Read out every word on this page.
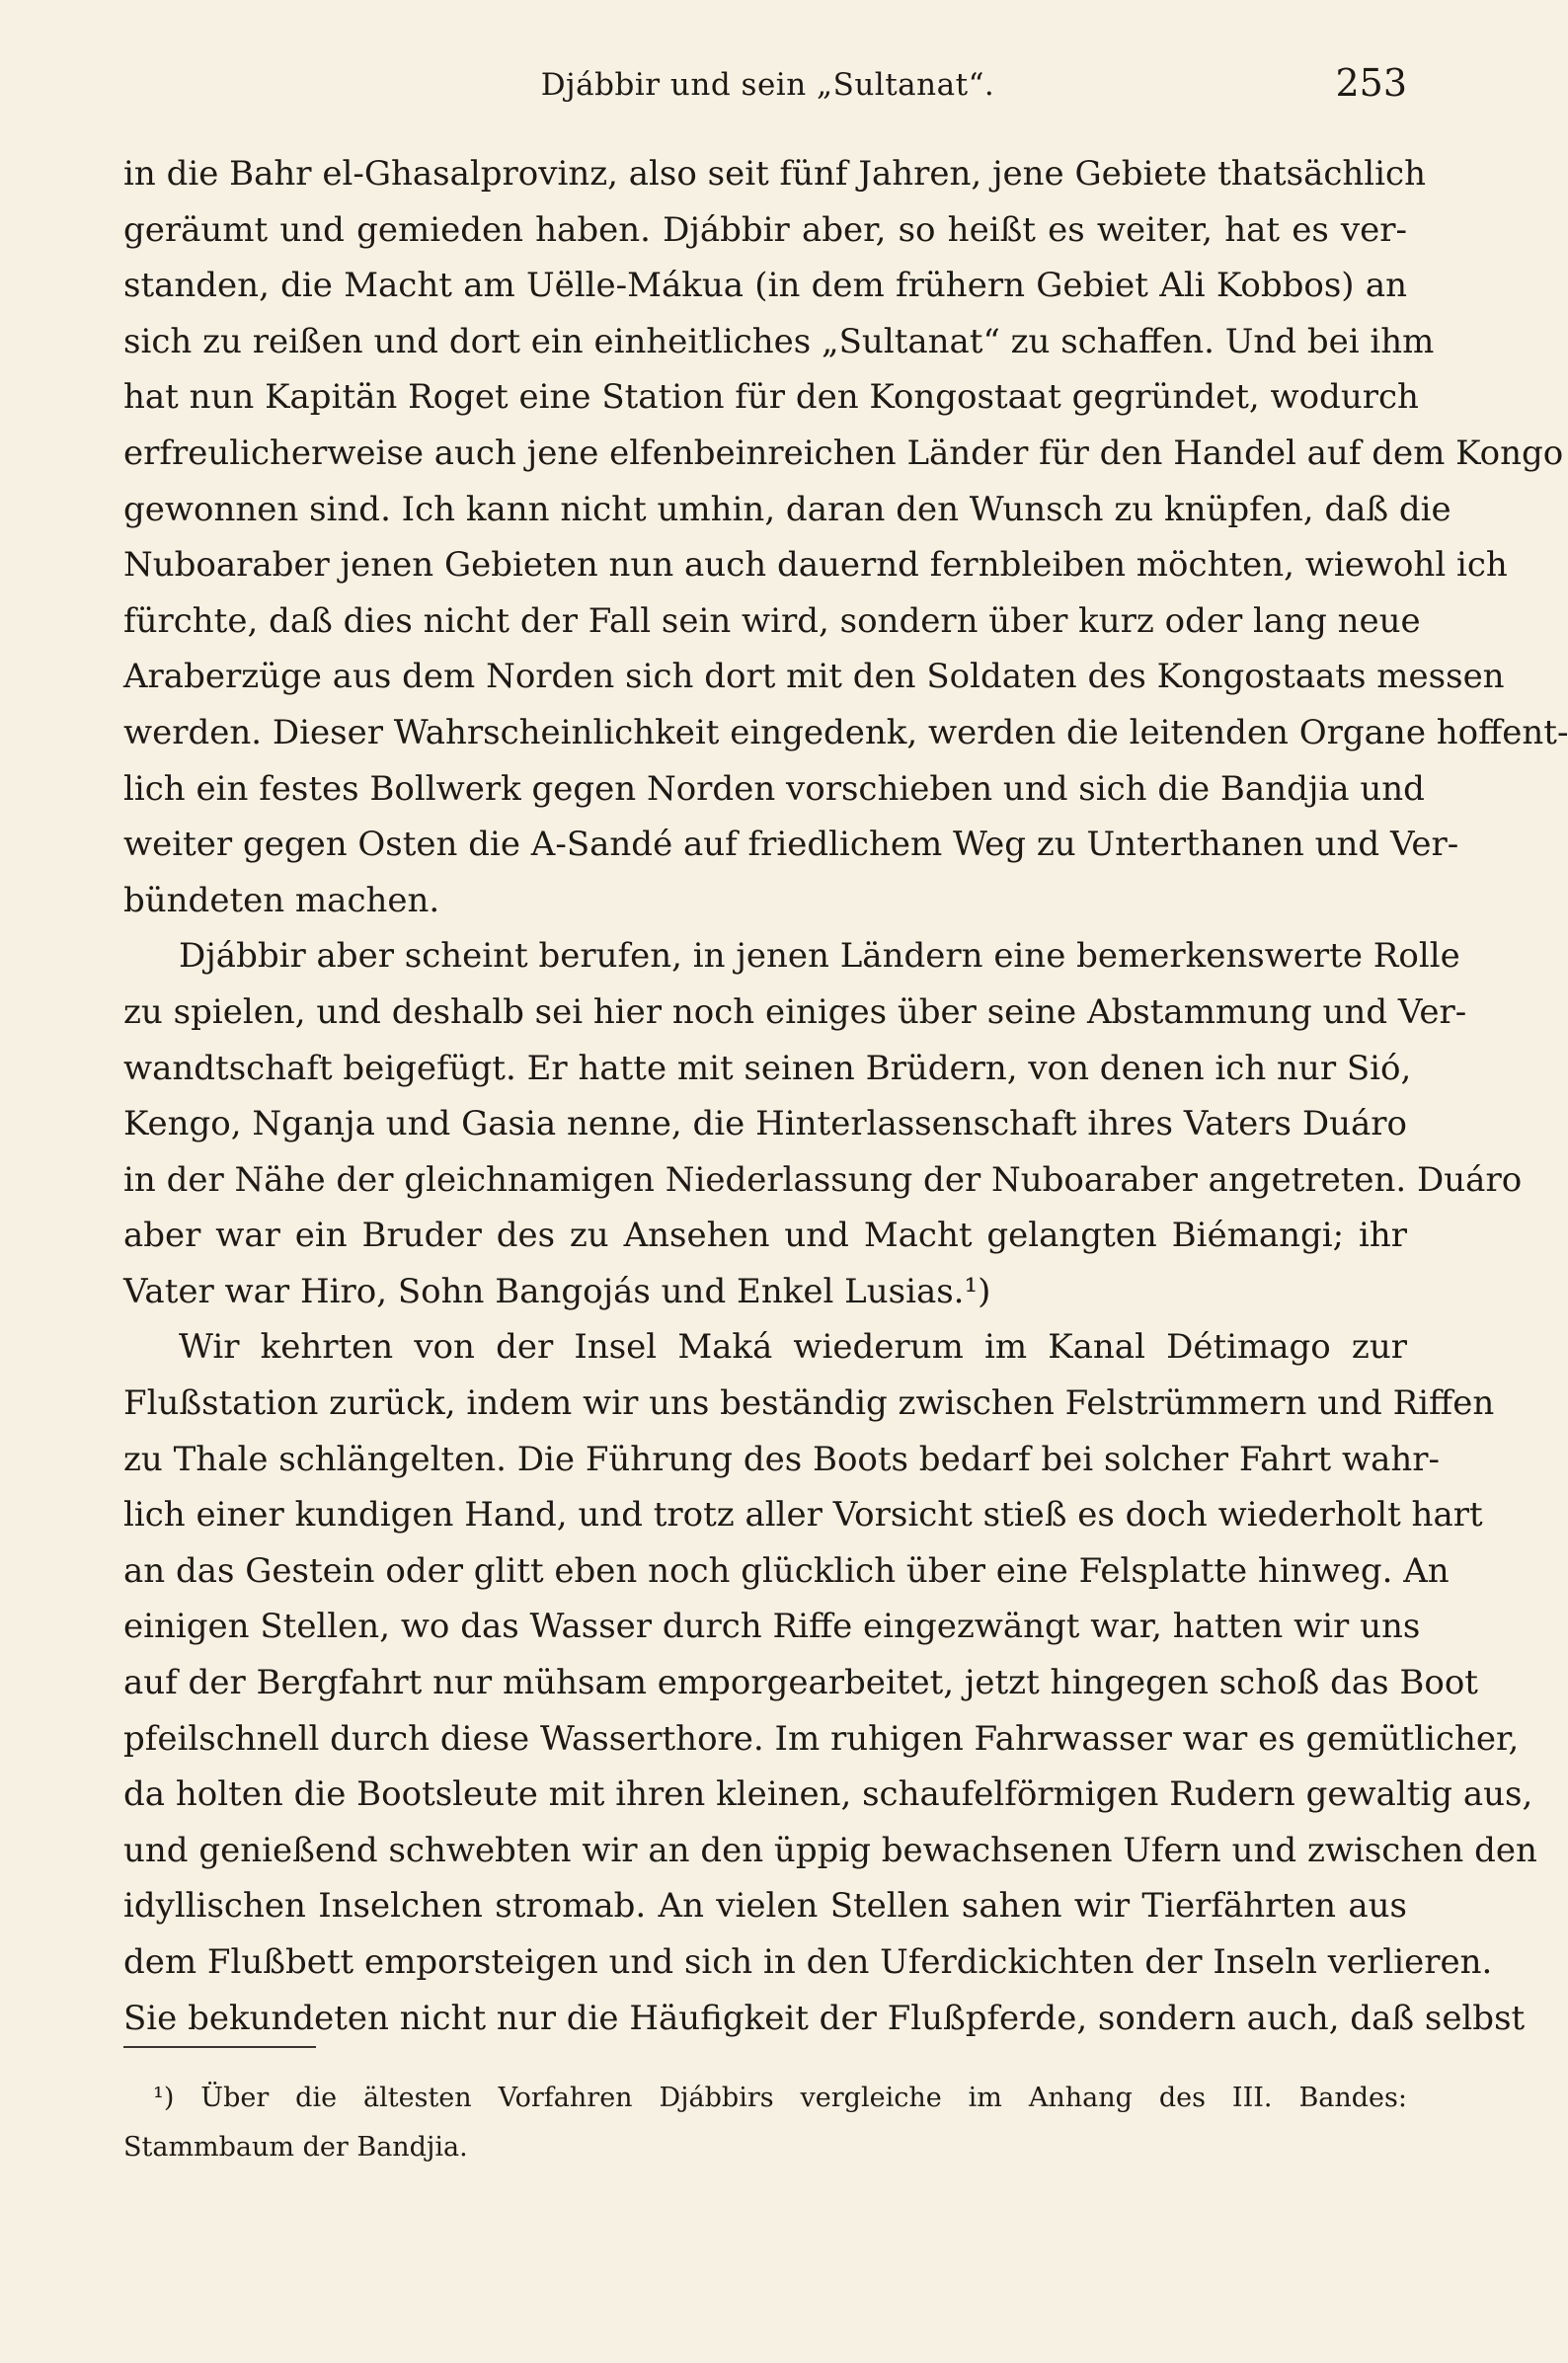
Djábbir und sein „Sultanat“.	253
in die Bahr el-Ghasalprovinz, also seit fünf Jahren, jene Gebiete thatsächlich
geräumt und gemieden haben. Djábbir aber, so heißt es weiter, hat es ver-
standen, die Macht am Uëlle-Mákua (in dem frühern Gebiet Ali Kobbos) an
sich zu reißen und dort ein einheitliches „Sultanat“ zu schaffen. Und bei ihm
hat nun Kapitän Roget eine Station für den Kongostaat gegründet, wodurch
erfreulicherweise auch jene elfenbeinreichen Länder für den Handel auf dem Kongo
gewonnen sind. Ich kann nicht umhin, daran den Wunsch zu knüpfen, daß die
Nuboaraber jenen Gebieten nun auch dauernd fernbleiben möchten, wiewohl ich
fürchte, daß dies nicht der Fall sein wird, sondern über kurz oder lang neue
Araberzüge aus dem Norden sich dort mit den Soldaten des Kongostaats messen
werden. Dieser Wahrscheinlichkeit eingedenk, werden die leitenden Organe hoffent-
lich ein festes Bollwerk gegen Norden vorschieben und sich die Bandjia und
weiter gegen Osten die A-Sandé auf friedlichem Weg zu Unterthanen und Ver-
bündeten machen.
Djábbir aber scheint berufen, in jenen Ländern eine bemerkenswerte Rolle
zu spielen, und deshalb sei hier noch einiges über seine Abstammung und Ver-
wandtschaft beigefügt. Er hatte mit seinen Brüdern, von denen ich nur Sió,
Kengo, Nganja und Gasia nenne, die Hinterlassenschaft ihres Vaters Duáro
in der Nähe der gleichnamigen Niederlassung der Nuboaraber angetreten. Duáro
aber war ein Bruder des zu Ansehen und Macht gelangten Biémangi; ihr
Vater war Hiro, Sohn Bangojás und Enkel Lusias.¹)
Wir kehrten von der Insel Maká wiederum im Kanal Détimago zur
Flußstation zurück, indem wir uns beständig zwischen Felstrümmern und Riffen
zu Thale schlängelten. Die Führung des Boots bedarf bei solcher Fahrt wahr-
lich einer kundigen Hand, und trotz aller Vorsicht stieß es doch wiederholt hart
an das Gestein oder glitt eben noch glücklich über eine Felsplatte hinweg. An
einigen Stellen, wo das Wasser durch Riffe eingezwängt war, hatten wir uns
auf der Bergfahrt nur mühsam emporgearbeitet, jetzt hingegen schoß das Boot
pfeilschnell durch diese Wasserthore. Im ruhigen Fahrwasser war es gemütlicher,
da holten die Bootsleute mit ihren kleinen, schaufelförmigen Rudern gewaltig aus,
und genießend schwebten wir an den üppig bewachsenen Ufern und zwischen den
idyllischen Inselchen stromab. An vielen Stellen sahen wir Tierfährten aus
dem Flußbett emporsteigen und sich in den Uferdickichten der Inseln verlieren.
Sie bekundeten nicht nur die Häufigkeit der Flußpferde, sondern auch, daß selbst
¹) Über die ältesten Vorfahren Djábbirs vergleiche im Anhang des III. Bandes:
Stammbaum der Bandjia.
